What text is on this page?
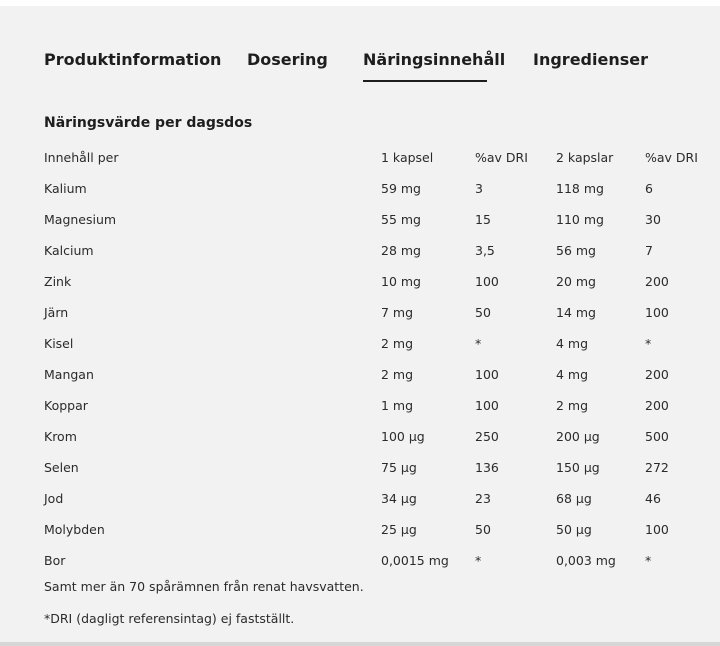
Produktinformation	Dosering	Näringsinnehåll Ingredienser
Näringsvärde per dagsdos
Innehåll per	1 kapsel	%av DRI	2 kapslar	%av DRI
Kalium	59 mg	3	118 mg	6
Magnesium	55 mg	15	110 mg	30
Kalcium	28 mg	3,5	56 mg	7
Zink	10 mg	100	20 mg	200
Järn	7 mg	50	14 mg	100
Kisel	2 mg	*	4 mg	*
Mangan	2 mg	100	4 mg	200
Koppar	1 mg	100	2 mg	200
Krom	100 µg	250	200 µg	500
Selen	75 µg	136	150 µg	272
Jod	34 µg	23	68 µg	46
Molybden	25 µg	50	50 µg	100
Bor	0,0015 mg	*	0,003 mg	*
Samt mer än 70 spårämnen från renat havsvatten.
*DRI (dagligt referensintag) ej fastställt.
